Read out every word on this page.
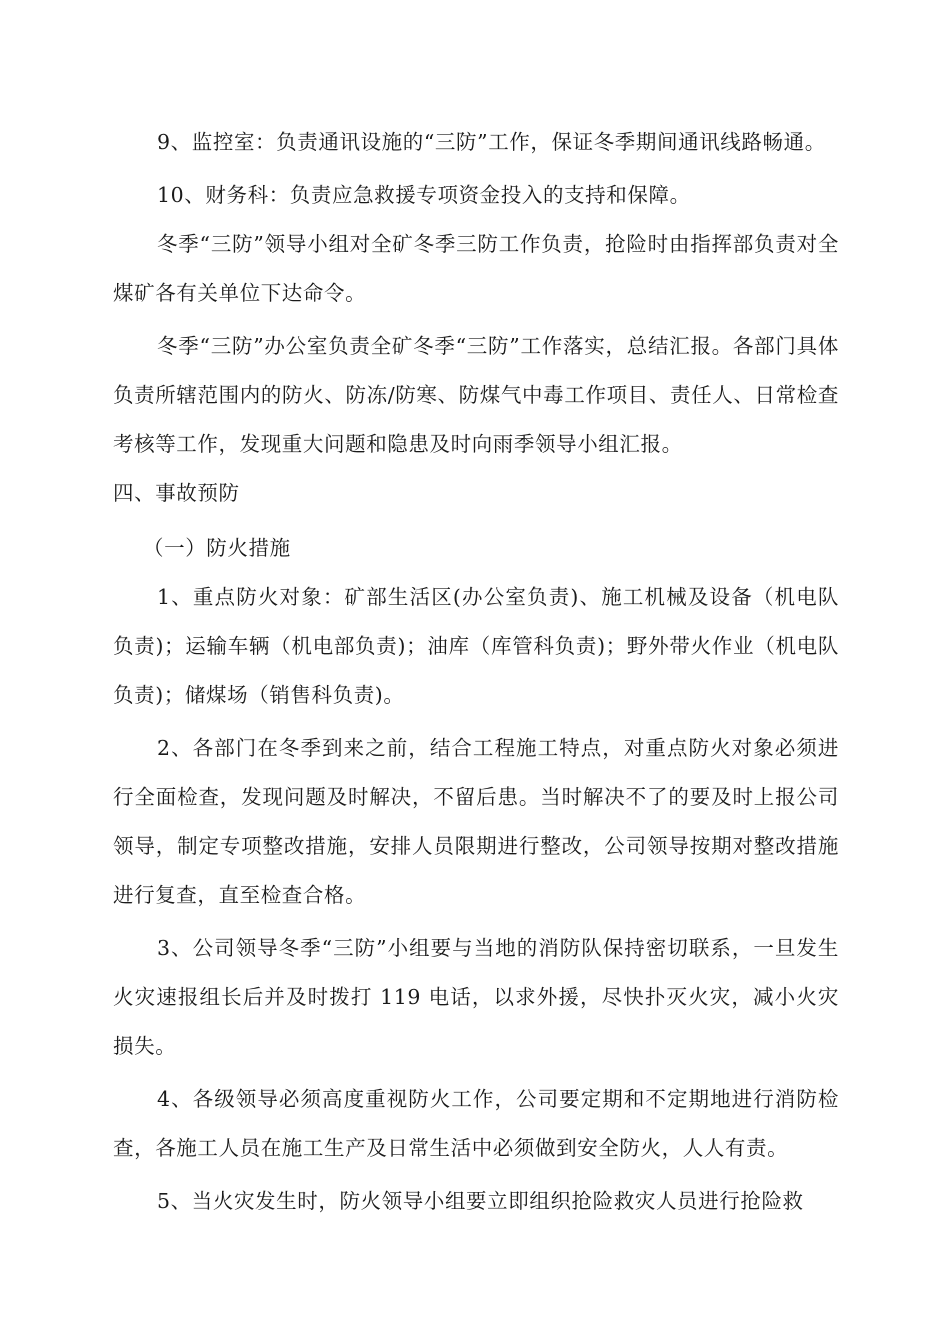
9、监控室：负责通讯设施的“三防”工作，保证冬季期间通讯线路畅通。

10、财务科：负责应急救援专项资金投入的支持和保障。

冬季“三防”领导小组对全矿冬季三防工作负责，抢险时由指挥部负责对全煤矿各有关单位下达命令。

冬季“三防”办公室负责全矿冬季“三防”工作落实，总结汇报。各部门具体负责所辖范围内的防火、防冻/防寒、防煤气中毒工作项目、责任人、日常检查考核等工作，发现重大问题和隐患及时向雨季领导小组汇报。

四、事故预防

（一）防火措施

1、重点防火对象：矿部生活区(办公室负责)、施工机械及设备（机电队负责)；运输车辆（机电部负责)；油库（库管科负责)；野外带火作业（机电队负责)；储煤场（销售科负责)。

2、各部门在冬季到来之前，结合工程施工特点，对重点防火对象必须进行全面检查，发现问题及时解决，不留后患。当时解决不了的要及时上报公司领导，制定专项整改措施，安排人员限期进行整改，公司领导按期对整改措施进行复查，直至检查合格。

3、公司领导冬季“三防”小组要与当地的消防队保持密切联系，一旦发生火灾速报组长后并及时拨打 119 电话，以求外援，尽快扑灭火灾，减小火灾损失。

4、各级领导必须高度重视防火工作，公司要定期和不定期地进行消防检查，各施工人员在施工生产及日常生活中必须做到安全防火，人人有责。

5、当火灾发生时，防火领导小组要立即组织抢险救灾人员进行抢险救
